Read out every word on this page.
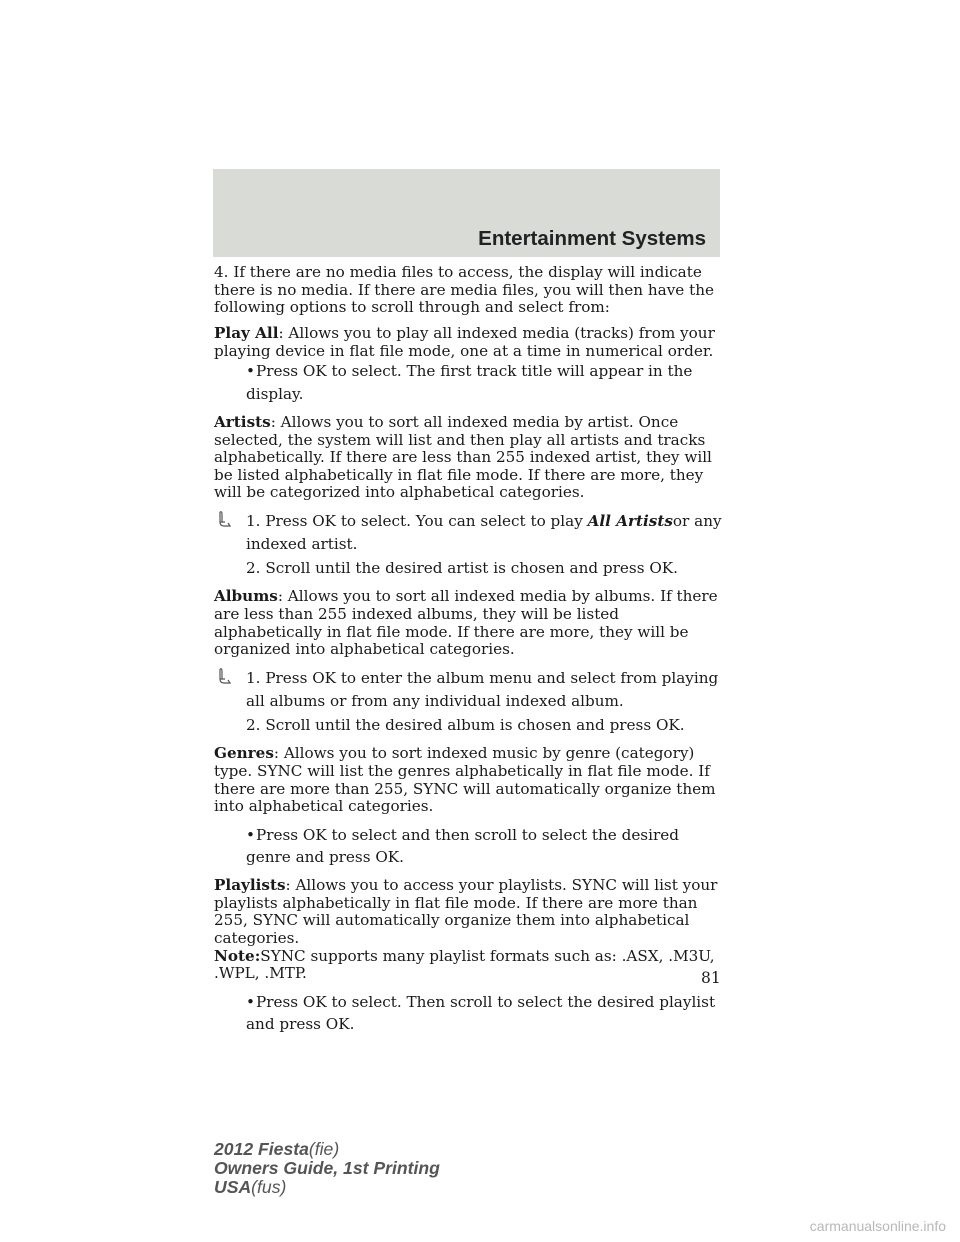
Entertainment Systems

4. If there are no media files to access, the display will indicate there is no media. If there are media files, you will then have the following options to scroll through and select from:

Play All: Allows you to play all indexed media (tracks) from your playing device in flat file mode, one at a time in numerical order.

•Press OK to select. The first track title will appear in the display.

Artists: Allows you to sort all indexed media by artist. Once selected, the system will list and then play all artists and tracks alphabetically. If there are less than 255 indexed artist, they will be listed alphabetically in flat file mode. If there are more, they will be categorized into alphabetical categories.

1. Press OK to select. You can select to play All Artistsor any indexed artist.
2. Scroll until the desired artist is chosen and press OK.

Albums: Allows you to sort all indexed media by albums. If there are less than 255 indexed albums, they will be listed alphabetically in flat file mode. If there are more, they will be organized into alphabetical categories.

1. Press OK to enter the album menu and select from playing all albums or from any individual indexed album.
2. Scroll until the desired album is chosen and press OK.

Genres: Allows you to sort indexed music by genre (category) type. SYNC will list the genres alphabetically in flat file mode. If there are more than 255, SYNC will automatically organize them into alphabetical categories.

•Press OK to select and then scroll to select the desired genre and press OK.

Playlists: Allows you to access your playlists. SYNC will list your playlists alphabetically in flat file mode. If there are more than 255, SYNC will automatically organize them into alphabetical categories.
Note:SYNC supports many playlist formats such as: .ASX, .M3U, .WPL, .MTP.

•Press OK to select. Then scroll to select the desired playlist and press OK.
81
2012 Fiesta(fie)
Owners Guide, 1st Printing
USA(fus)
carmanualsonline.info
